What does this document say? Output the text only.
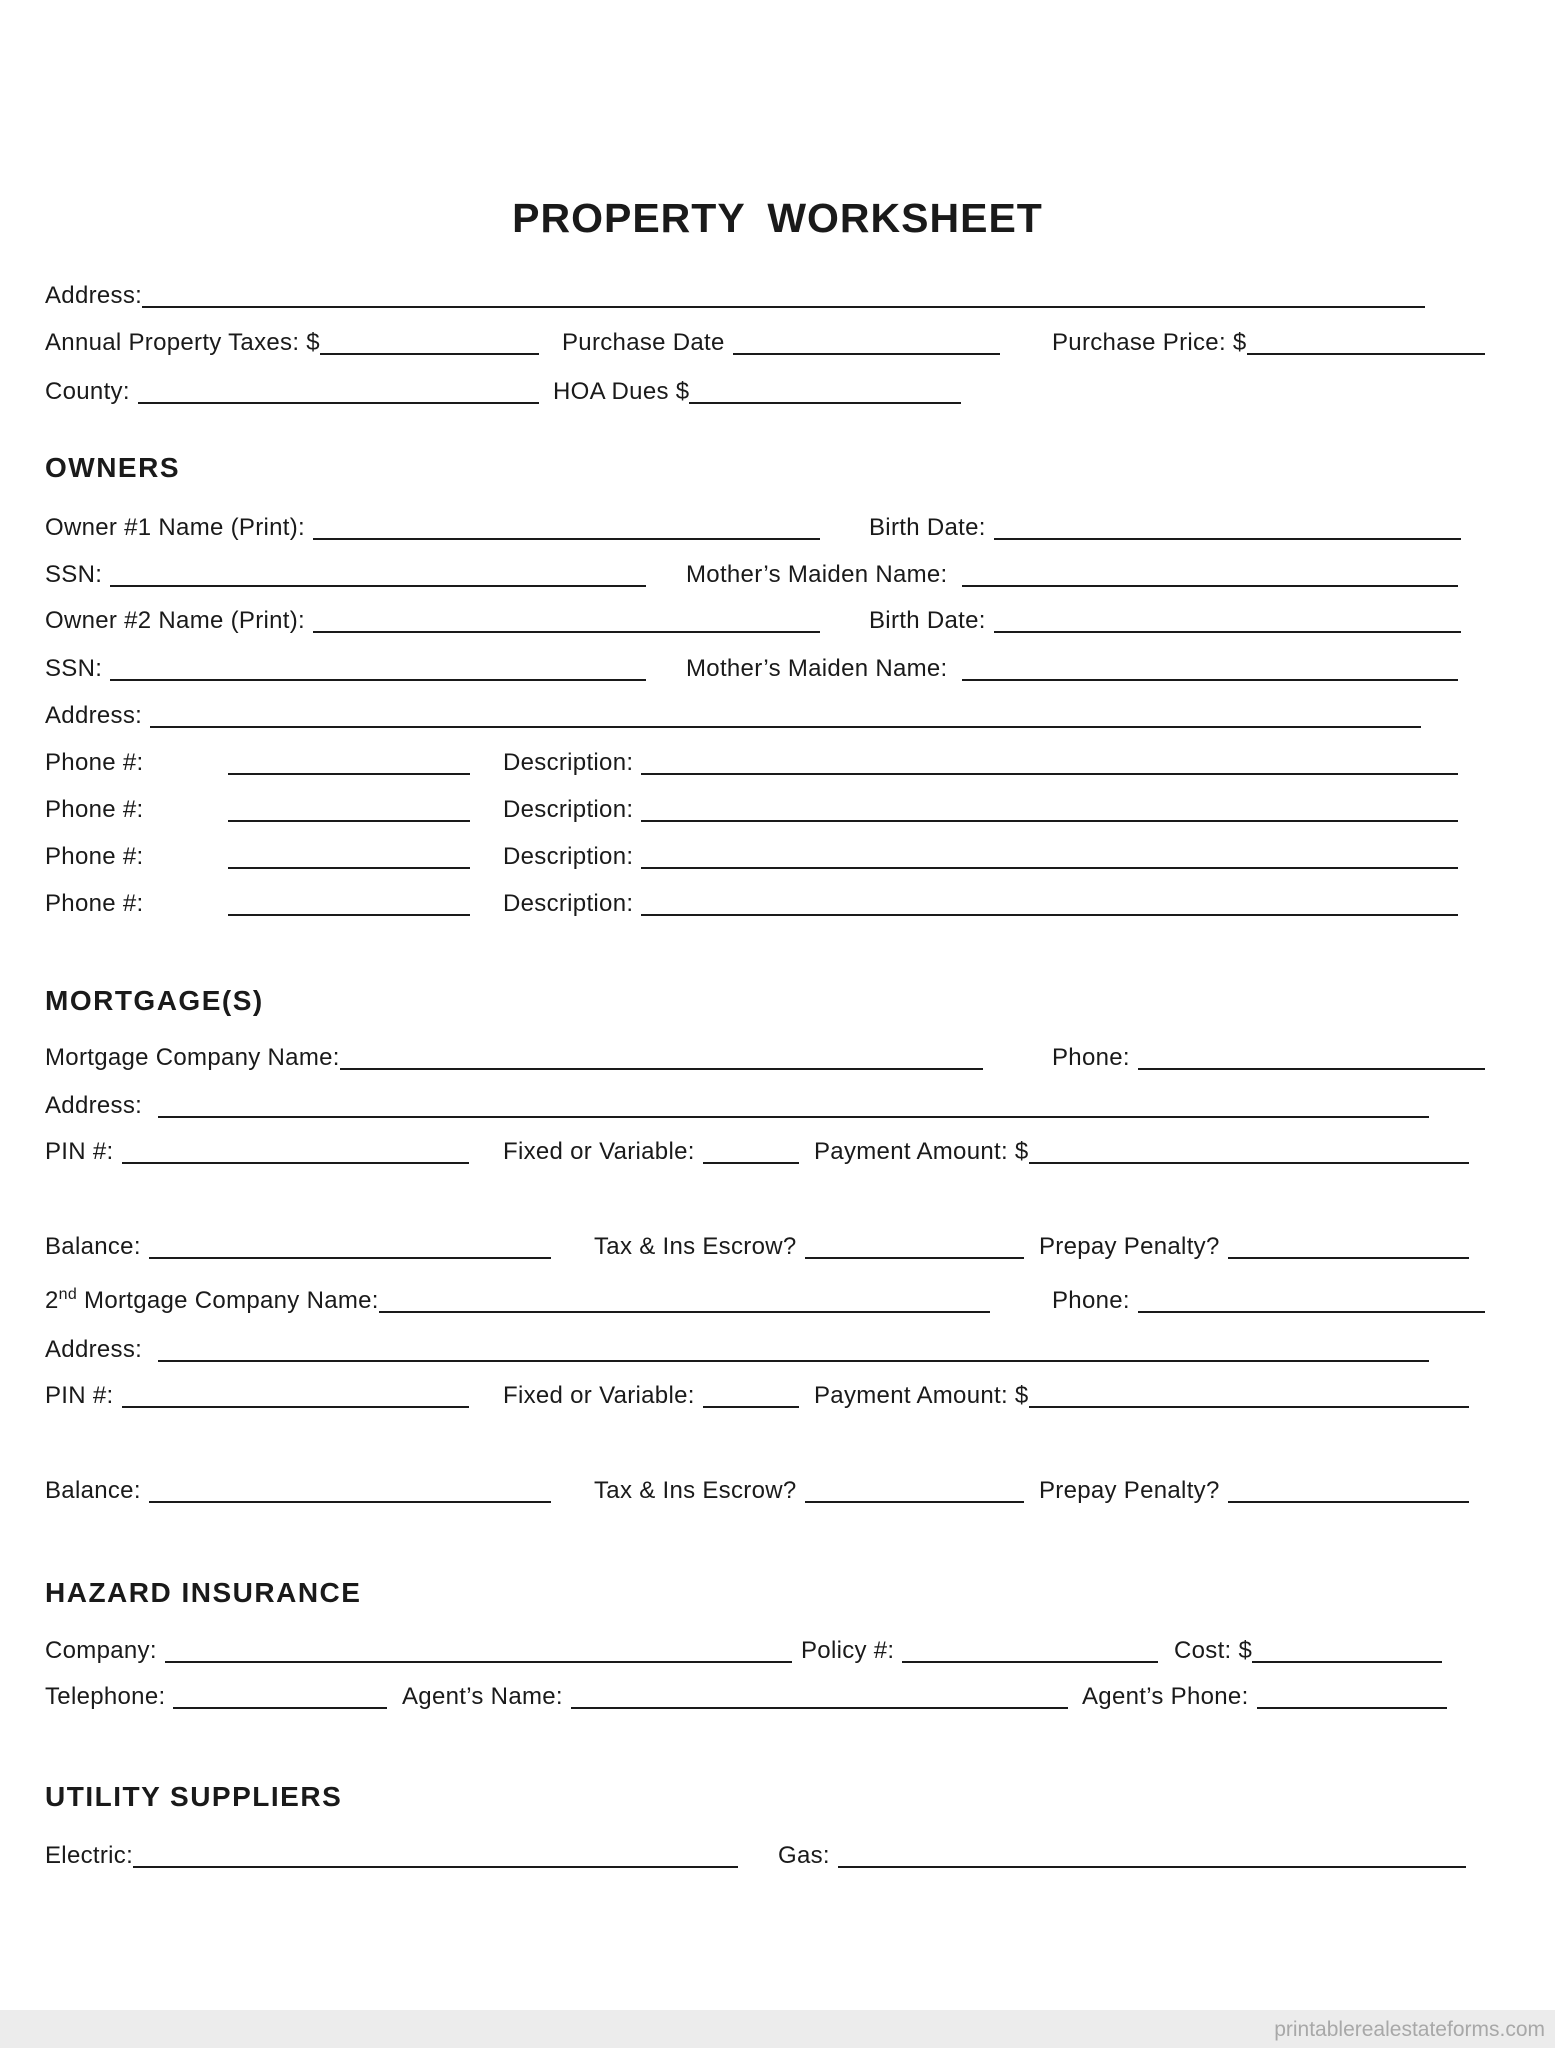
PROPERTY WORKSHEET
Address:
Annual Property Taxes: $	Purchase Date	Purchase Price: $
County:	HOA Dues $
OWNERS
Owner #1 Name (Print):	Birth Date:
SSN:	Mother’s Maiden Name:
Owner #2 Name (Print):	Birth Date:
SSN:	Mother’s Maiden Name:
Address:
Phone #:	Description:
Phone #:	Description:
Phone #:	Description:
Phone #:	Description:
MORTGAGE(S)
Mortgage Company Name:	Phone:
Address:
PIN #:	Fixed or Variable:	Payment Amount: $
Balance:	Tax & Ins Escrow?	Prepay Penalty?
2nd Mortgage Company Name:	Phone:
Address:
PIN #:	Fixed or Variable:	Payment Amount: $
Balance:	Tax & Ins Escrow?	Prepay Penalty?
HAZARD INSURANCE
Company:	Policy #:	Cost: $
Telephone:	Agent’s Name:	Agent’s Phone:
UTILITY SUPPLIERS
Electric:	Gas:
printablerealestateforms.com
